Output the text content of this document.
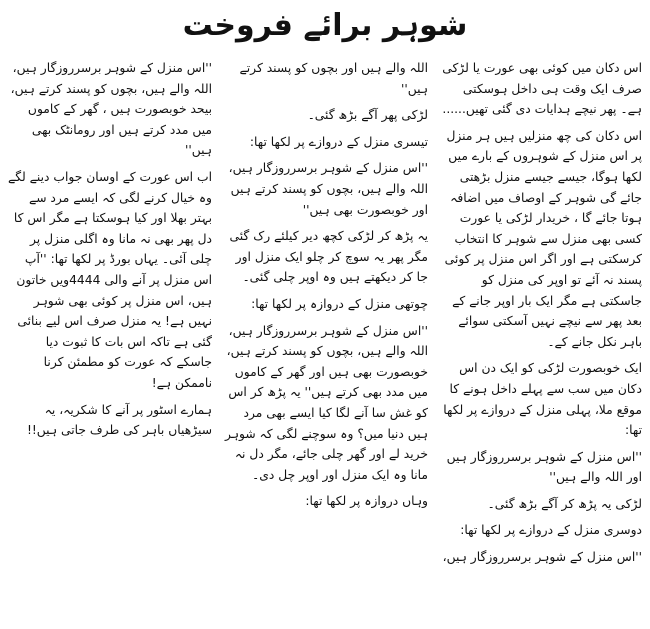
شوہر برائے فروخت

اس دکان میں کوئی بھی عورت یا لڑکی صرف ایک وقت ہی داخل ہوسکتی ہے۔ پھر نیچے ہدایات دی گئی تھیں......

اس دکان کی چھ منزلیں ہیں ہر منزل پر اس منزل کے شوہروں کے بارے میں لکھا ہوگا، جیسے جیسے منزل بڑھتی جائے گی شوہر کے اوصاف میں اضافہ ہوتا جائے گا ، خریدار لڑکی یا عورت کسی بھی منزل سے شوہر کا انتخاب کرسکتی ہے اور اگر اس منزل پر کوئی پسند نہ آئے تو اوپر کی منزل کو جاسکتی ہے مگر ایک بار اوپر جانے کے بعد پھر سے نیچے نہیں آسکتی سوائے باہر نکل جانے کے۔

ایک خوبصورت لڑکی کو ایک دن اس دکان میں سب سے پہلے داخل ہونے کا موقع ملا، پہلی منزل کے دروازے پر لکھا تھا:

''اس منزل کے شوہر برسرروزگار ہیں اور اللہ والے ہیں''

لڑکی یہ پڑھ کر آگے بڑھ گئی۔

دوسری منزل کے دروازے پر لکھا تھا:

''اس منزل کے شوہر برسرروزگار ہیں،

اللہ والے ہیں اور بچوں کو پسند کرتے ہیں''

لڑکی پھر آگے بڑھ گئی۔

تیسری منزل کے دروازے پر لکھا تھا:

''اس منزل کے شوہر برسرروزگار ہیں، اللہ والے ہیں، بچوں کو پسند کرتے ہیں اور خوبصورت بھی ہیں''

یہ پڑھ کر لڑکی کچھ دیر کیلئے رک گئی مگر پھر یہ سوچ کر چلو ایک منزل اور جا کر دیکھتے ہیں وہ اوپر چلی گئی۔

چوتھی منزل کے دروازہ پر لکھا تھا:

''اس منزل کے شوہر برسرروزگار ہیں، اللہ والے ہیں، بچوں کو پسند کرتے ہیں، خوبصورت بھی ہیں اور گھر کے کاموں میں مدد بھی کرتے ہیں'' یہ پڑھ کر اس کو غش سا آنے لگا کیا ایسے بھی مرد ہیں دنیا میں؟ وہ سوچنے لگی کہ شوہر خرید لے اور گھر چلی جائے، مگر دل نہ مانا وہ ایک منزل اور اوپر چل دی۔

وہاں دروازہ پر لکھا تھا:

''اس منزل کے شوہر برسرروزگار ہیں، اللہ والے ہیں، بچوں کو پسند کرتے ہیں، بیحد خوبصورت ہیں ، گھر کے کاموں میں مدد کرتے ہیں اور رومانٹک بھی ہیں''

اب اس عورت کے اوسان جواب دینے لگے وہ خیال کرنے لگی کہ ایسے مرد سے بہتر بھلا اور کیا ہوسکتا ہے مگر اس کا دل پھر بھی نہ مانا وہ اگلی منزل پر چلی آئی۔ یہاں بورڈ پر لکھا تھا: ''آپ اس منزل پر آنے والی 4444ویں خاتون ہیں، اس منزل پر کوئی بھی شوہر نہیں ہے! یہ منزل صرف اس لیے بنائی گئی ہے تاکہ اس بات کا ثبوت دیا جاسکے کہ عورت کو مطمئن کرنا ناممکن ہے!

ہمارے اسٹور پر آنے کا شکریہ، یہ سیڑھیاں باہر کی طرف جاتی ہیں!!
